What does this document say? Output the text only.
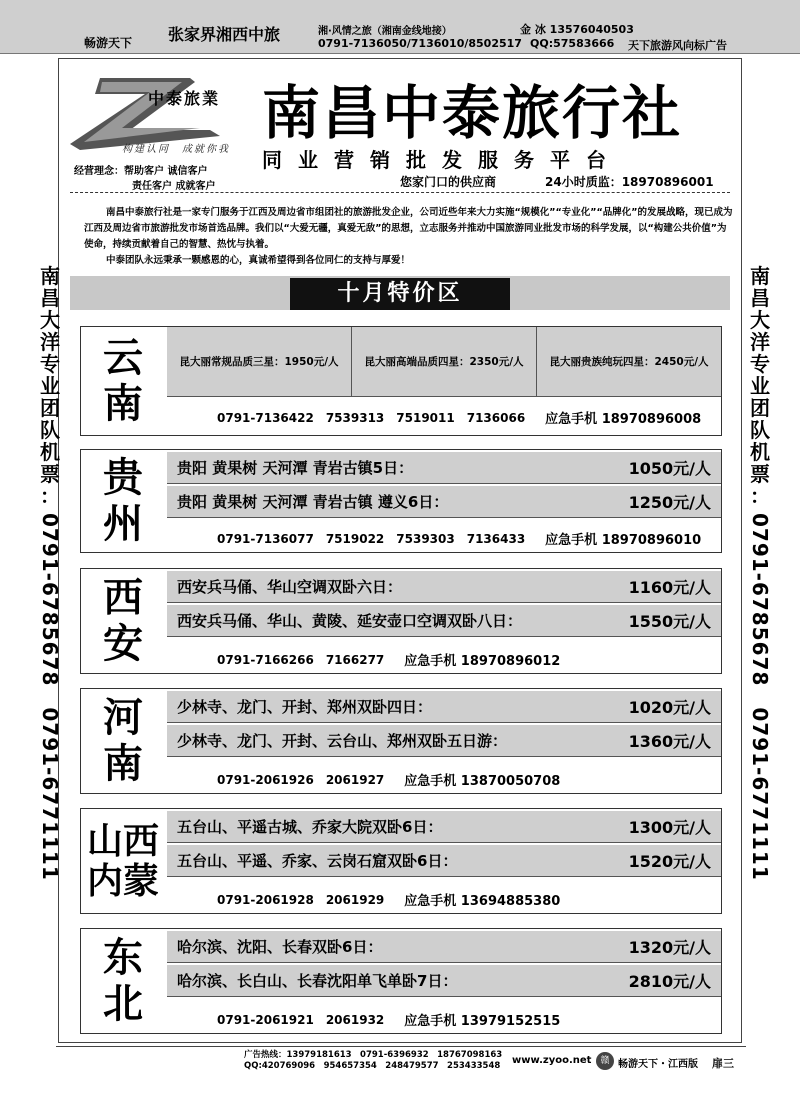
畅游天下 张家界湘西中旅	湘·风情之旅（湘南金线地接）
0791-7136050/7136010/8502517
金 冰 13576040503
QQ:57583666 天下旅游风向标广告
中泰旅業
构建认同　成就你我
经营理念：帮助客户 诚信客户
责任客户 成就客户
南昌中泰旅行社
同业营销批发服务平台
您家门口的供应商	24小时质监：18970896001

南昌中泰旅行社是一家专门服务于江西及周边省市组团社的旅游批发企业，公司近些年来大力实施“规模化”“专业化”“品牌化”的发展战略，现已成为江西及周边省市旅游批发市场首选品牌。我们以“大爱无疆，真爱无敌”的思想，立志服务并推动中国旅游同业批发市场的科学发展，以“构建公共价值”为使命，持续贡献着自己的智慧、热忱与执着。

中泰团队永远秉承一颗感恩的心，真诚希望得到各位同仁的支持与厚爱！

十月特价区
南
昌
大
洋
专
业
团
队
机
票
：
0791-6785678　0791-6771111
南
昌
大
洋
专
业
团
队
机
票
：
0791-6785678　0791-6771111
云
南
昆大丽常规品质三星：1950元/人	昆大丽高端品质四星：2350元/人	昆大丽贵族纯玩四星：2450元/人
0791-7136422　7539313　7519011　7136066 应急手机 18970896008
贵
州
贵阳 黄果树 天河潭 青岩古镇5日：	1050元/人
贵阳 黄果树 天河潭 青岩古镇 遵义6日：	1250元/人
0791-7136077　7519022　7539303　7136433 应急手机 18970896010
西
安
西安兵马俑、华山空调双卧六日：	1160元/人
西安兵马俑、华山、黄陵、延安壶口空调双卧八日：	1550元/人
0791-7166266　7166277 应急手机 18970896012
河
南
少林寺、龙门、开封、郑州双卧四日：	1020元/人
少林寺、龙门、开封、云台山、郑州双卧五日游：	1360元/人
0791-2061926　2061927 应急手机 13870050708
山西
内蒙
五台山、平遥古城、乔家大院双卧6日：	1300元/人
五台山、平遥、乔家、云岗石窟双卧6日：	1520元/人
0791-2061928　2061929 应急手机 13694885380
东
北
哈尔滨、沈阳、长春双卧6日：	1320元/人
哈尔滨、长白山、长春沈阳单飞单卧7日：	2810元/人
0791-2061921　2061932 应急手机 13979152515
广告热线：13979181613　0791-6396932　18767098163
QQ:420769096　954657354　248479577　253433548 www.zyoo.net	赣 畅游天下・江西版 扉三
